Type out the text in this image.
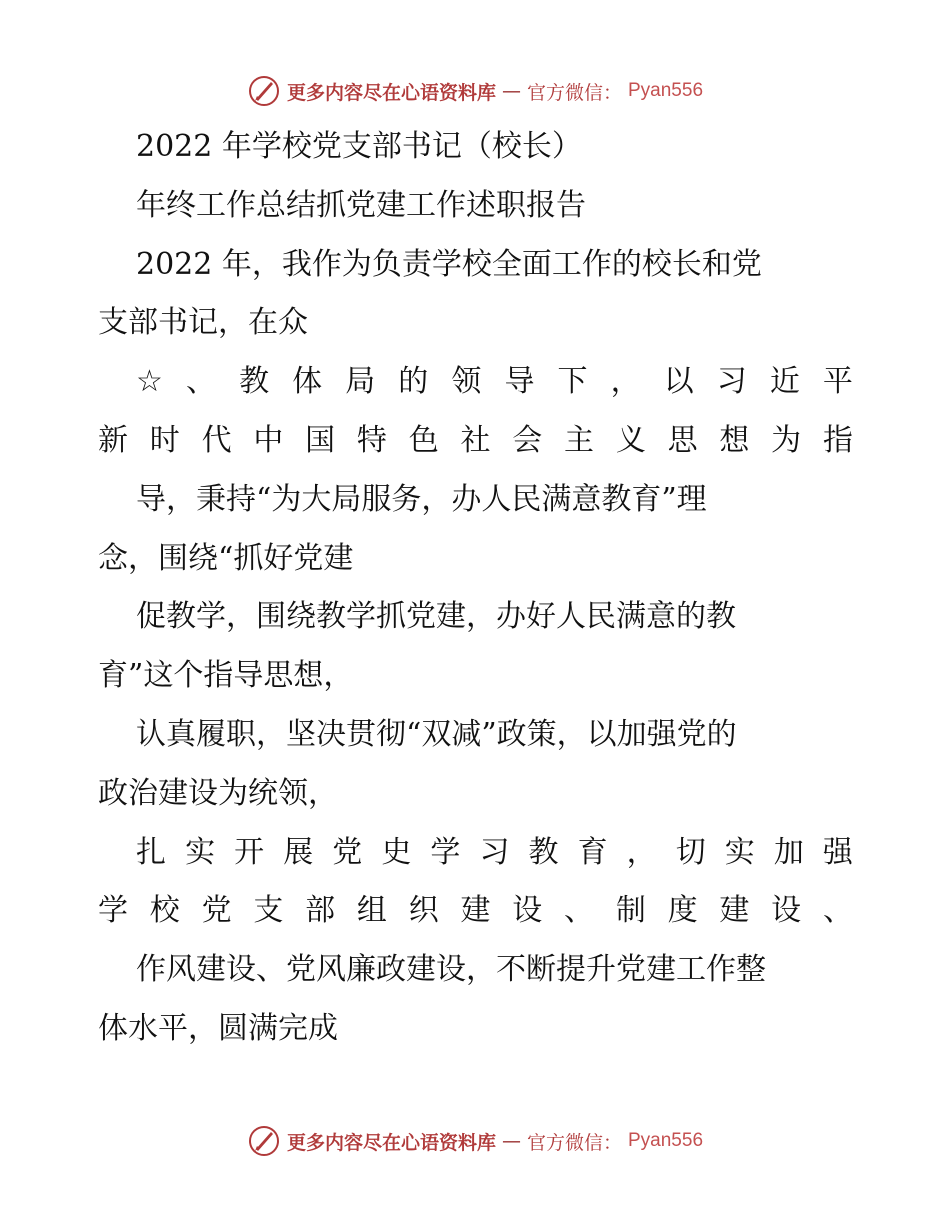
更多内容尽在心语资料库 — 官方微信： Pyan556
2022 年学校党支部书记（校长）
年终工作总结抓党建工作述职报告
2022 年，我作为负责学校全面工作的校长和党
支部书记，在众
☆ 、 教 体 局 的 领 导 下 ， 以 习 近 平
新 时 代 中 国 特 色 社 会 主 义 思 想 为 指
导，秉持“为大局服务，办人民满意教育”理
念，围绕“抓好党建
促教学，围绕教学抓党建，办好人民满意的教
育”这个指导思想，
认真履职，坚决贯彻“双减”政策，以加强党的
政治建设为统领，
扎 实 开 展 党 史 学 习 教 育 ， 切 实 加 强
学 校 党 支 部 组 织 建 设 、 制 度 建 设 、
作风建设、党风廉政建设，不断提升党建工作整
体水平，圆满完成
更多内容尽在心语资料库 — 官方微信： Pyan556
